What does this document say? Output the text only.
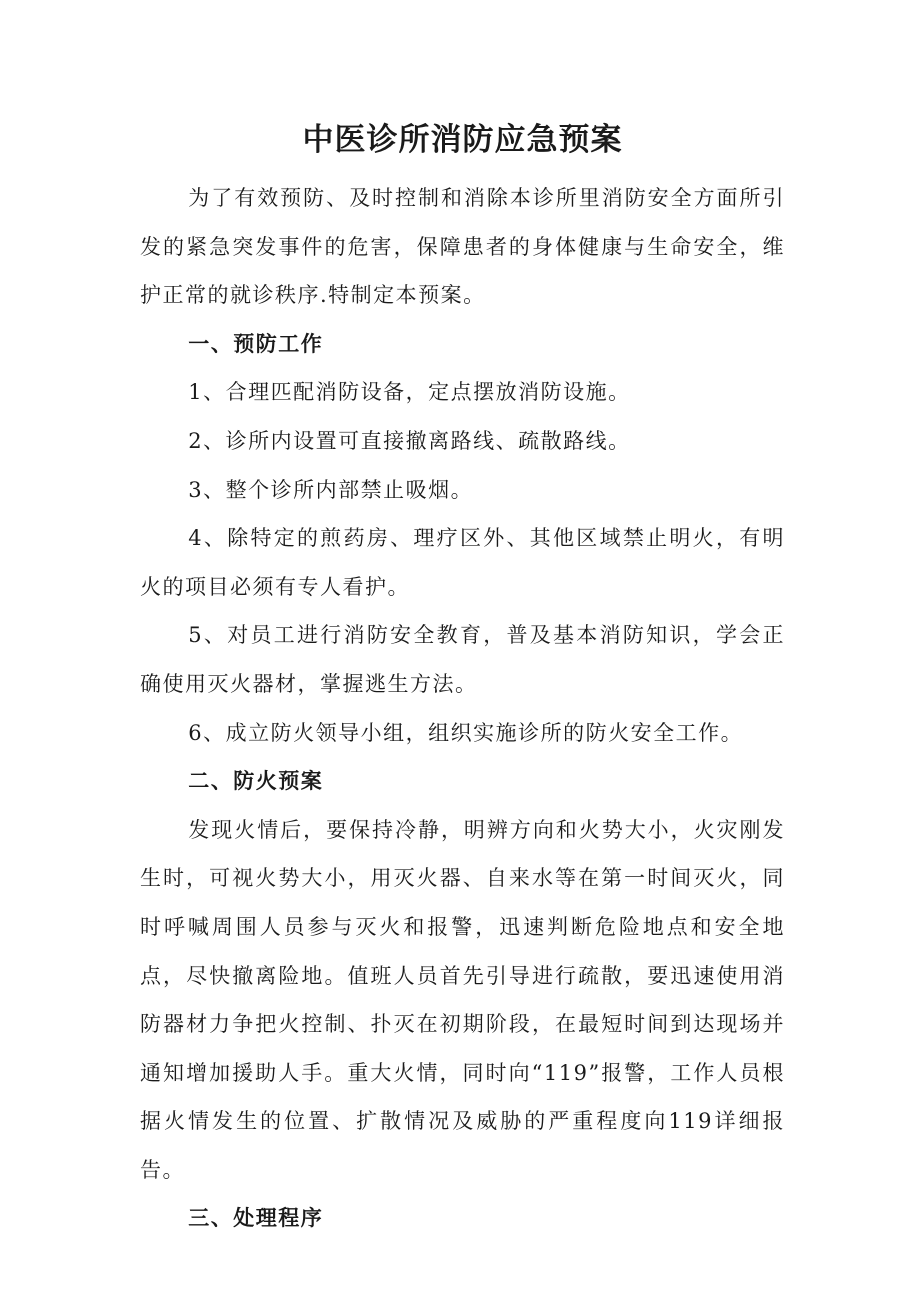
中医诊所消防应急预案

为了有效预防、及时控制和消除本诊所里消防安全方面所引发的紧急突发事件的危害，保障患者的身体健康与生命安全，维护正常的就诊秩序.特制定本预案。

一、预防工作

1、合理匹配消防设备，定点摆放消防设施。

2、诊所内设置可直接撤离路线、疏散路线。

3、整个诊所内部禁止吸烟。

4、除特定的煎药房、理疗区外、其他区域禁止明火，有明火的项目必须有专人看护。

5、对员工进行消防安全教育，普及基本消防知识，学会正确使用灭火器材，掌握逃生方法。

6、成立防火领导小组，组织实施诊所的防火安全工作。

二、防火预案

发现火情后，要保持冷静，明辨方向和火势大小，火灾刚发生时，可视火势大小，用灭火器、自来水等在第一时间灭火，同时呼喊周围人员参与灭火和报警，迅速判断危险地点和安全地点，尽快撤离险地。值班人员首先引导进行疏散，要迅速使用消防器材力争把火控制、扑灭在初期阶段，在最短时间到达现场并通知增加援助人手。重大火情，同时向“119”报警，工作人员根据火情发生的位置、扩散情况及威胁的严重程度向119详细报告。

三、处理程序
